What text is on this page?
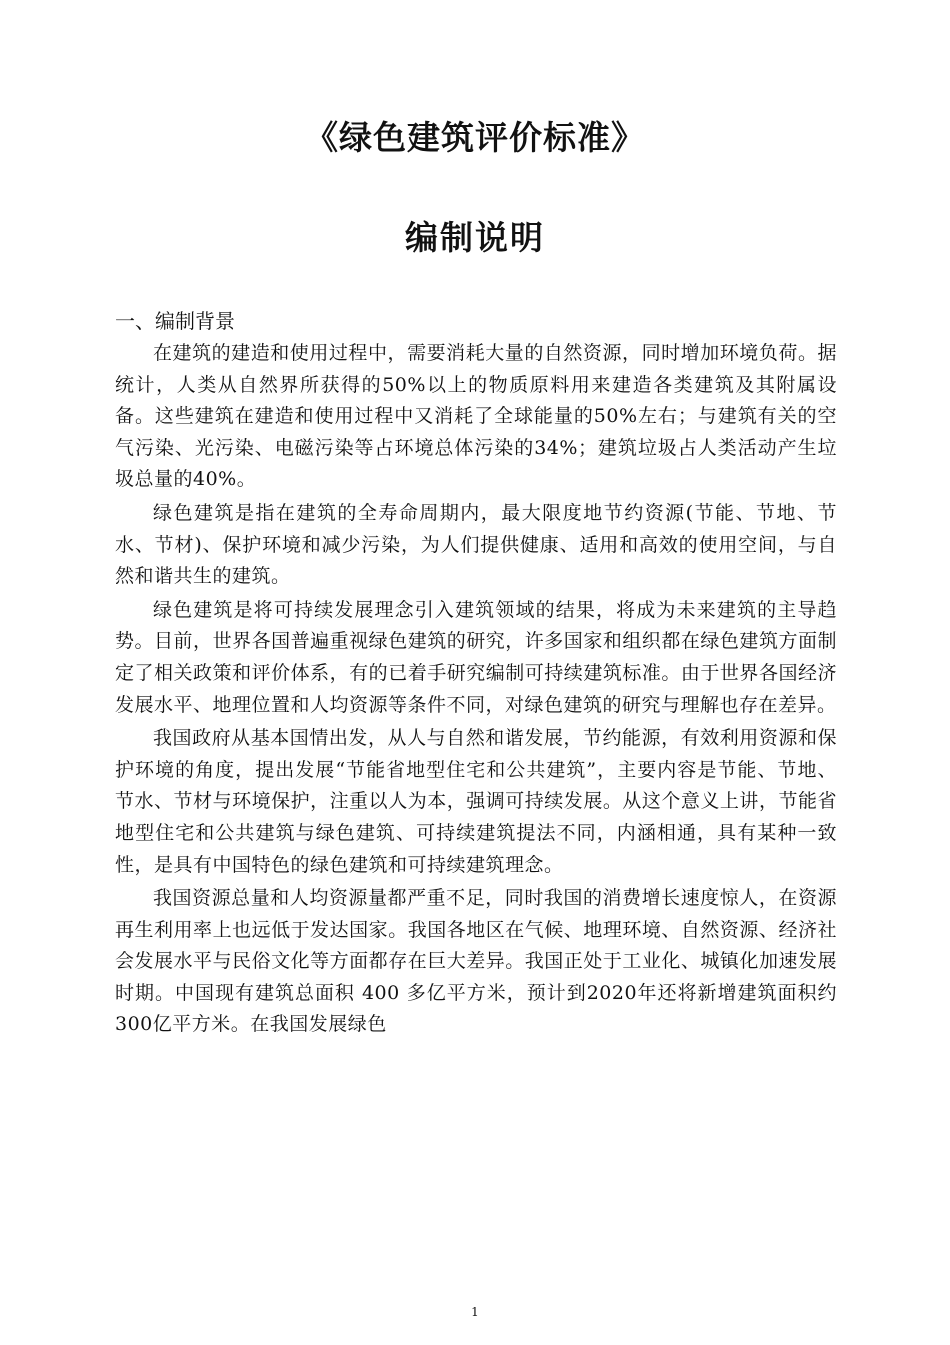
《绿色建筑评价标准》
编制说明
一、编制背景

在建筑的建造和使用过程中，需要消耗大量的自然资源，同时增加环境负荷。据统计，人类从自然界所获得的50%以上的物质原料用来建造各类建筑及其附属设备。这些建筑在建造和使用过程中又消耗了全球能量的50%左右；与建筑有关的空气污染、光污染、电磁污染等占环境总体污染的34%；建筑垃圾占人类活动产生垃圾总量的40%。

绿色建筑是指在建筑的全寿命周期内，最大限度地节约资源(节能、节地、节水、节材)、保护环境和减少污染，为人们提供健康、适用和高效的使用空间，与自然和谐共生的建筑。

绿色建筑是将可持续发展理念引入建筑领域的结果，将成为未来建筑的主导趋势。目前，世界各国普遍重视绿色建筑的研究，许多国家和组织都在绿色建筑方面制定了相关政策和评价体系，有的已着手研究编制可持续建筑标准。由于世界各国经济发展水平、地理位置和人均资源等条件不同，对绿色建筑的研究与理解也存在差异。

我国政府从基本国情出发，从人与自然和谐发展，节约能源，有效利用资源和保护环境的角度，提出发展“节能省地型住宅和公共建筑”，主要内容是节能、节地、节水、节材与环境保护，注重以人为本，强调可持续发展。从这个意义上讲，节能省地型住宅和公共建筑与绿色建筑、可持续建筑提法不同，内涵相通，具有某种一致性，是具有中国特色的绿色建筑和可持续建筑理念。

我国资源总量和人均资源量都严重不足，同时我国的消费增长速度惊人，在资源再生利用率上也远低于发达国家。我国各地区在气候、地理环境、自然资源、经济社会发展水平与民俗文化等方面都存在巨大差异。我国正处于工业化、城镇化加速发展时期。中国现有建筑总面积 400 多亿平方米，预计到2020年还将新增建筑面积约300亿平方米。在我国发展绿色

1
